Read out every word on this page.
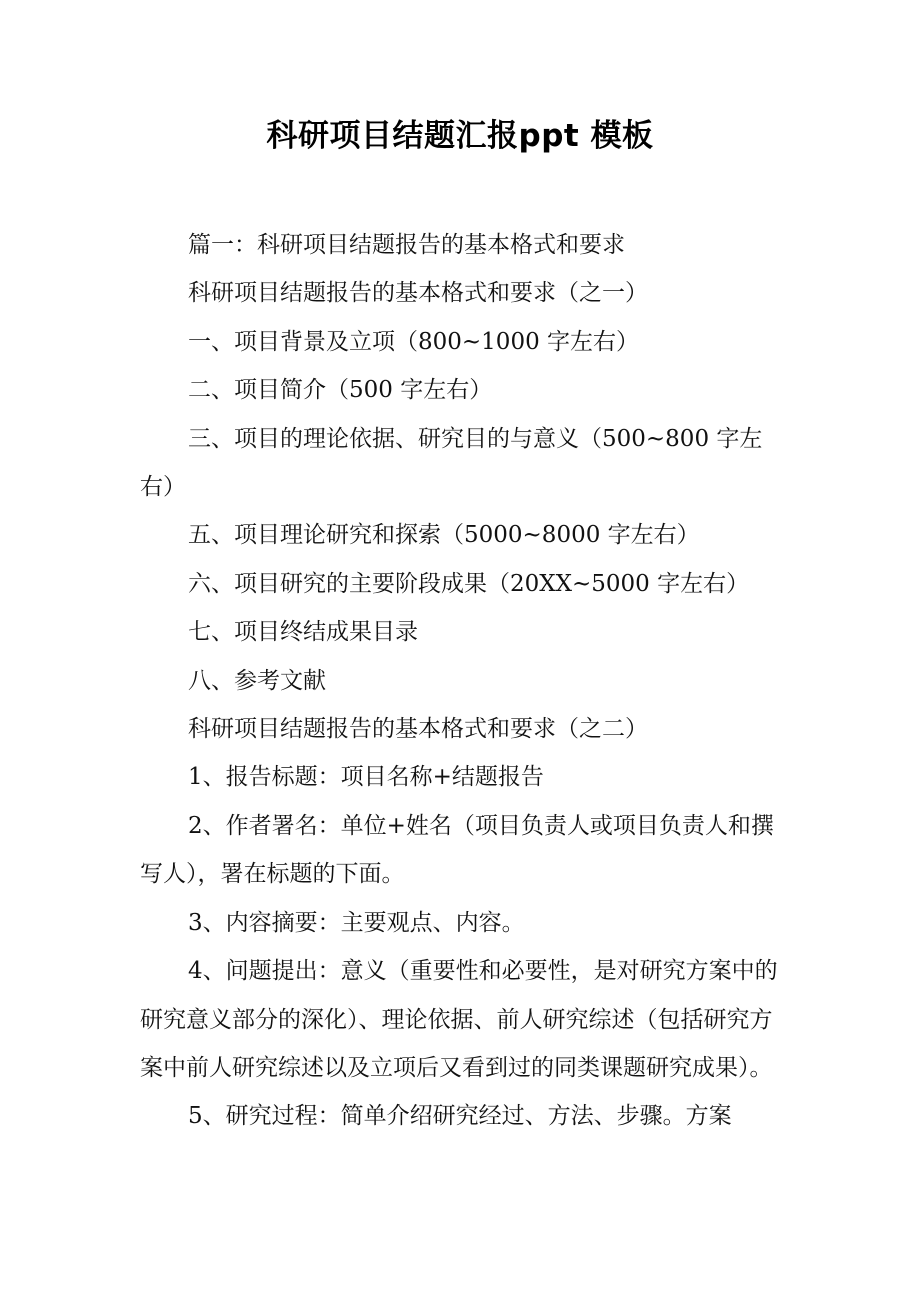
科研项目结题汇报ppt 模板

篇一：科研项目结题报告的基本格式和要求

科研项目结题报告的基本格式和要求（之一）

一、项目背景及立项（800~1000 字左右）

二、项目简介（500 字左右）

三、项目的理论依据、研究目的与意义（500~800 字左右）

五、项目理论研究和探索（5000~8000 字左右）

六、项目研究的主要阶段成果（20XX~5000 字左右）

七、项目终结成果目录

八、参考文献

科研项目结题报告的基本格式和要求（之二）

1、报告标题：项目名称+结题报告

2、作者署名：单位+姓名（项目负责人或项目负责人和撰写人），署在标题的下面。

3、内容摘要：主要观点、内容。

4、问题提出：意义（重要性和必要性，是对研究方案中的研究意义部分的深化）、理论依据、前人研究综述（包括研究方案中前人研究综述以及立项后又看到过的同类课题研究成果）。

5、研究过程：简单介绍研究经过、方法、步骤。方案
